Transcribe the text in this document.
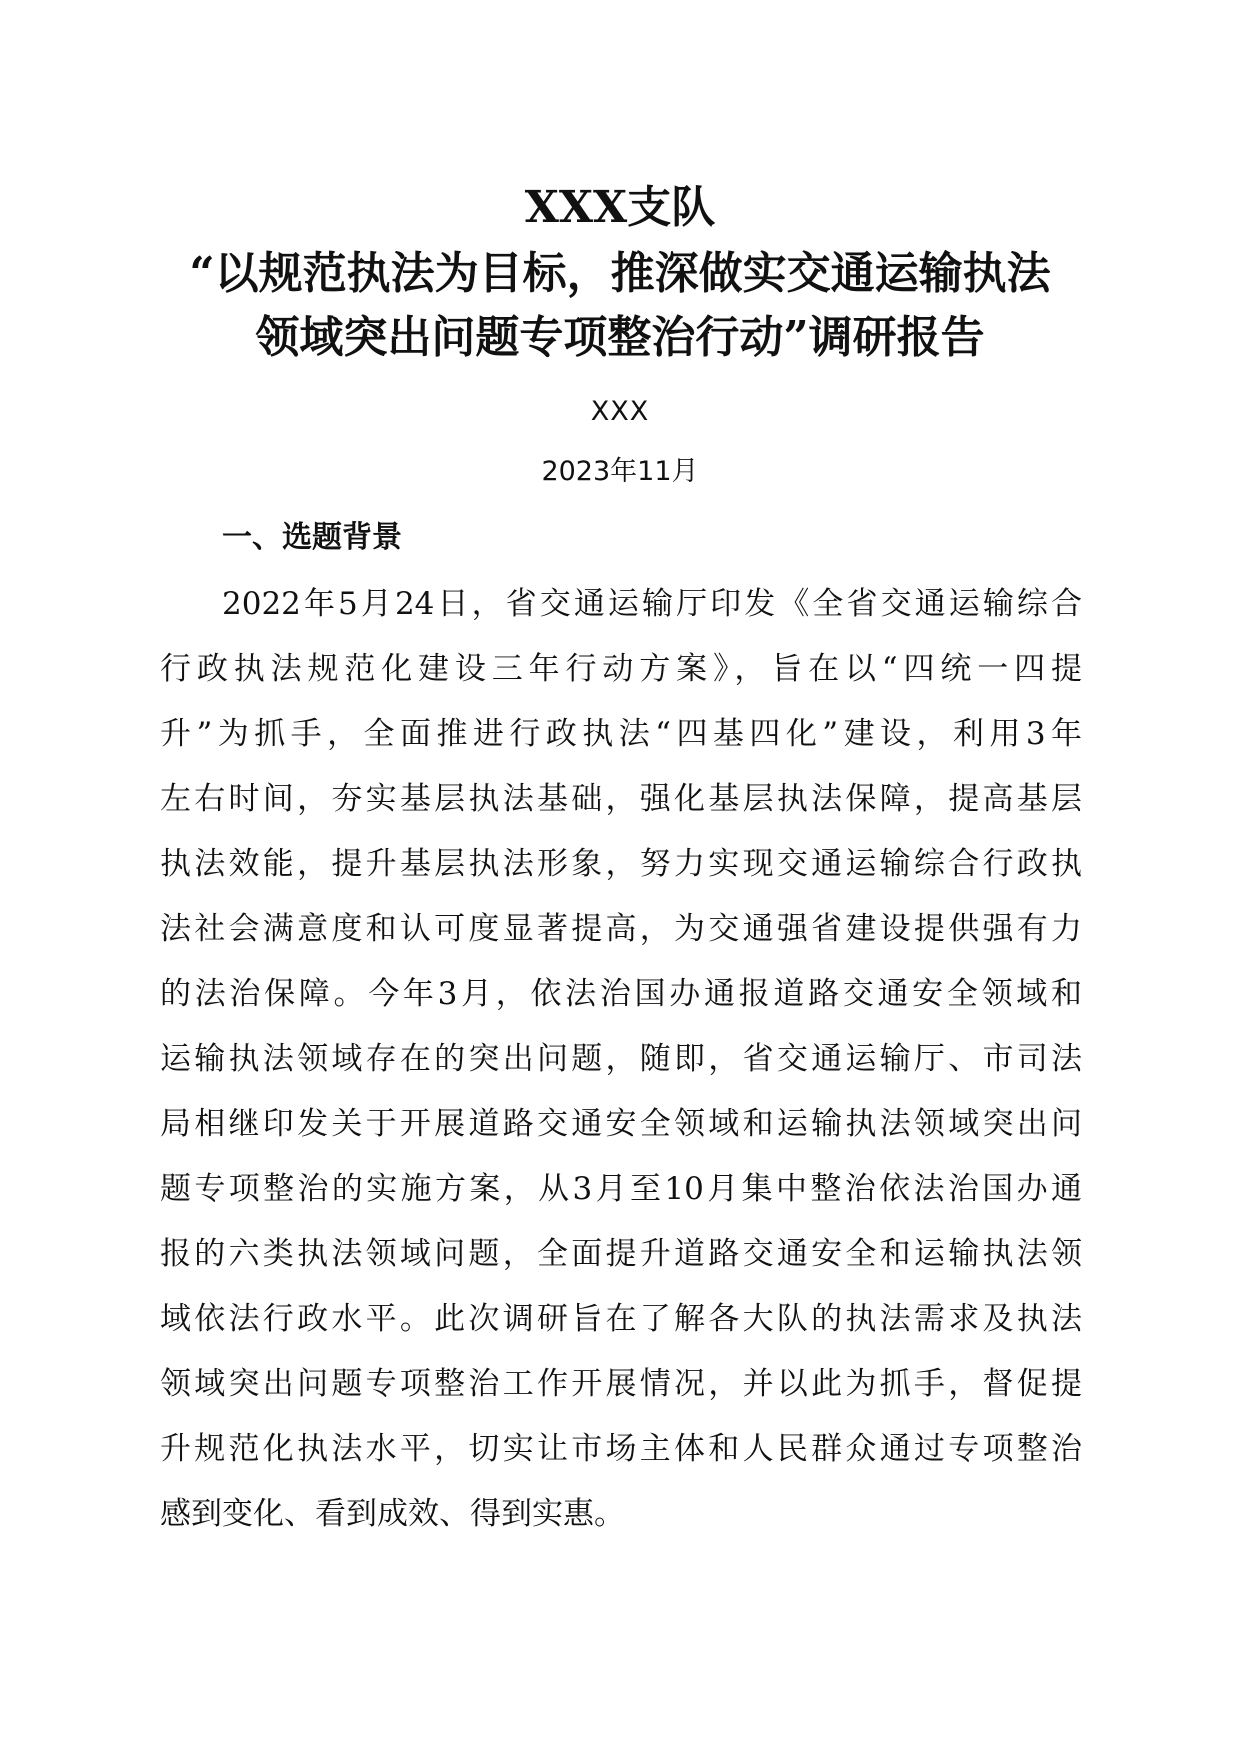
XXX支队
“以规范执法为目标，推深做实交通运输执法
领域突出问题专项整治行动”调研报告
XXX
2023年11月
一、选题背景
2022年5月24日，省交通运输厅印发《全省交通运输综合
行政执法规范化建设三年行动方案》，旨在以“四统一四提
升”为抓手，全面推进行政执法“四基四化”建设，利用3年
左右时间，夯实基层执法基础，强化基层执法保障，提高基层
执法效能，提升基层执法形象，努力实现交通运输综合行政执
法社会满意度和认可度显著提高，为交通强省建设提供强有力
的法治保障。今年3月，依法治国办通报道路交通安全领域和
运输执法领域存在的突出问题，随即，省交通运输厅、市司法
局相继印发关于开展道路交通安全领域和运输执法领域突出问
题专项整治的实施方案，从3月至10月集中整治依法治国办通
报的六类执法领域问题，全面提升道路交通安全和运输执法领
域依法行政水平。此次调研旨在了解各大队的执法需求及执法
领域突出问题专项整治工作开展情况，并以此为抓手，督促提
升规范化执法水平，切实让市场主体和人民群众通过专项整治
感到变化、看到成效、得到实惠。
